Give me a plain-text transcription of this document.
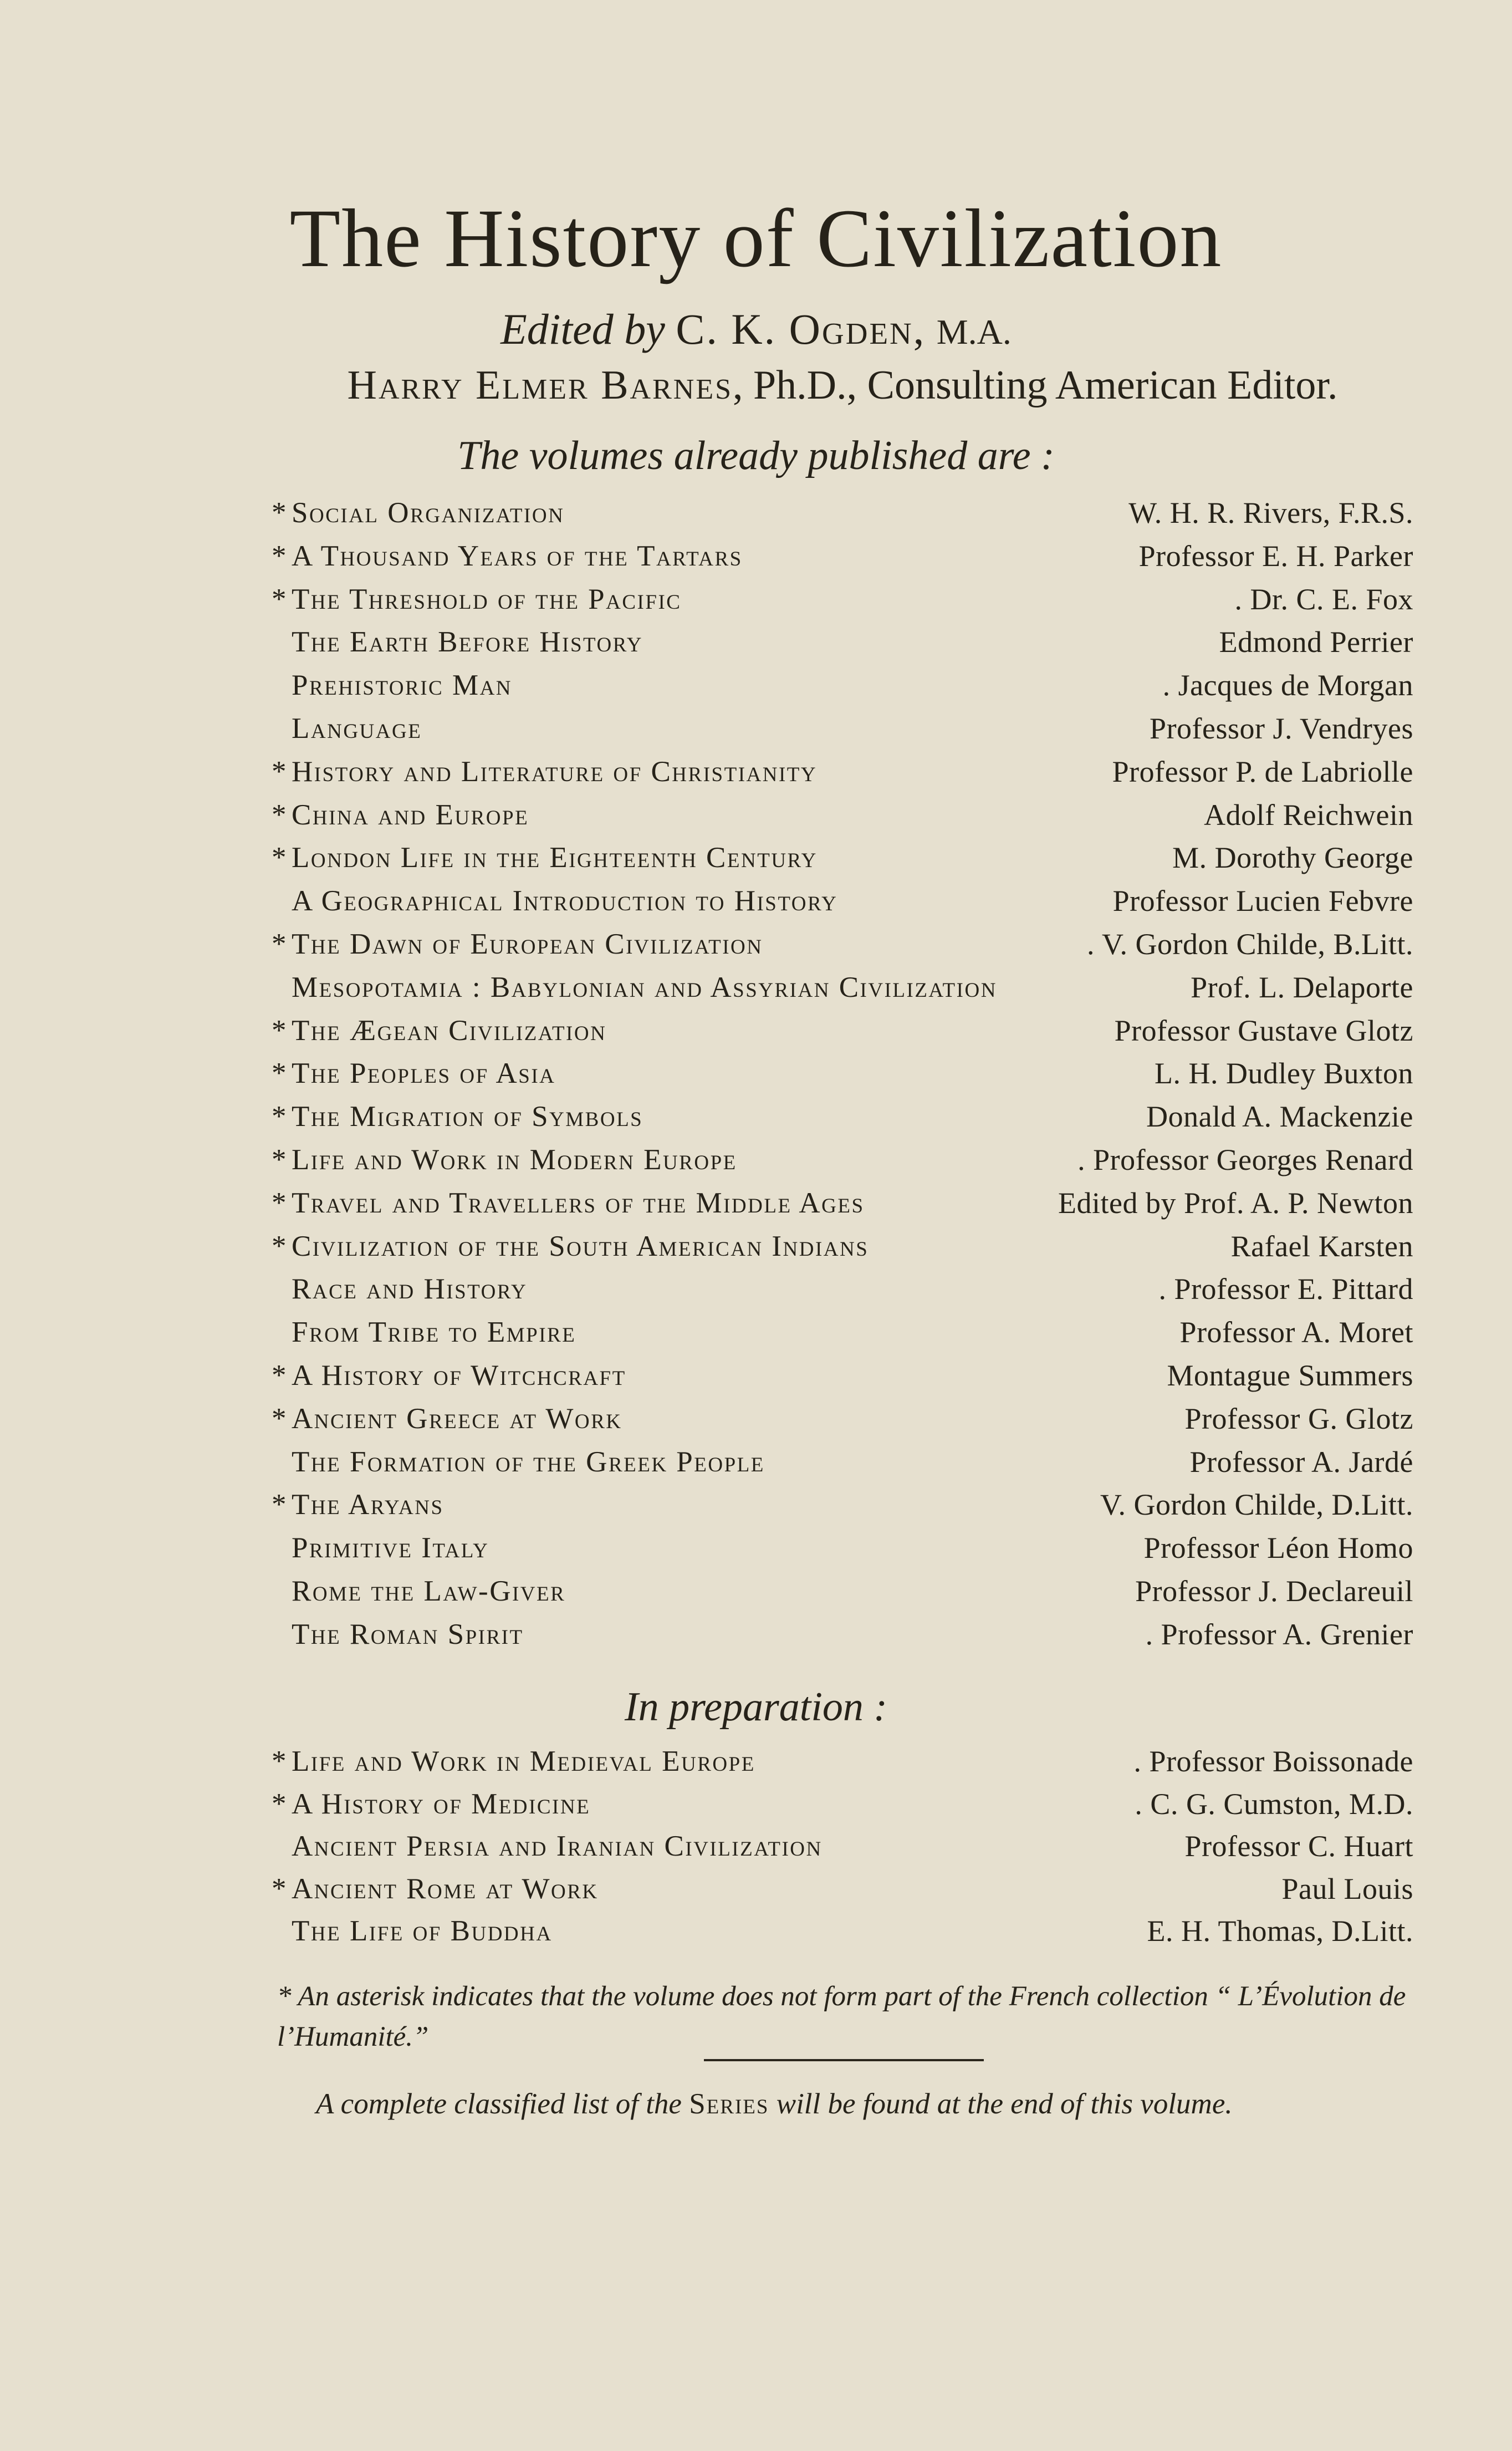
The History of Civilization
Edited by C. K. Ogden, M.A.
Harry Elmer Barnes, Ph.D., Consulting American Editor.
The volumes already published are :
* Social Organization	W. H. R. Rivers, F.R.S.
* A Thousand Years of the Tartars	Professor E. H. Parker
* The Threshold of the Pacific	. Dr. C. E. Fox
The Earth Before History	Edmond Perrier
Prehistoric Man	. Jacques de Morgan
Language	Professor J. Vendryes
* History and Literature of Christianity	Professor P. de Labriolle
* China and Europe	Adolf Reichwein
* London Life in the Eighteenth Century	M. Dorothy George
A Geographical Introduction to History	Professor Lucien Febvre
* The Dawn of European Civilization	. V. Gordon Childe, B.Litt.
Mesopotamia : Babylonian and Assyrian Civilization	Prof. L. Delaporte
* The Ægean Civilization	Professor Gustave Glotz
* The Peoples of Asia	L. H. Dudley Buxton
* The Migration of Symbols	Donald A. Mackenzie
* Life and Work in Modern Europe	. Professor Georges Renard
* Travel and Travellers of the Middle Ages	Edited by Prof. A. P. Newton
* Civilization of the South American Indians	Rafael Karsten
Race and History	. Professor E. Pittard
From Tribe to Empire	Professor A. Moret
* A History of Witchcraft	Montague Summers
* Ancient Greece at Work	Professor G. Glotz
The Formation of the Greek People	Professor A. Jardé
* The Aryans	V. Gordon Childe, D.Litt.
Primitive Italy	Professor Léon Homo
Rome the Law-Giver	Professor J. Declareuil
The Roman Spirit	. Professor A. Grenier
In preparation :
* Life and Work in Medieval Europe	. Professor Boissonade
* A History of Medicine	. C. G. Cumston, M.D.
Ancient Persia and Iranian Civilization	Professor C. Huart
* Ancient Rome at Work	Paul Louis
The Life of Buddha	E. H. Thomas, D.Litt.
* An asterisk indicates that the volume does not form part of the French collection “ L’Évolution de l’Humanité.”
A complete classified list of the Series will be found at the end of this volume.
